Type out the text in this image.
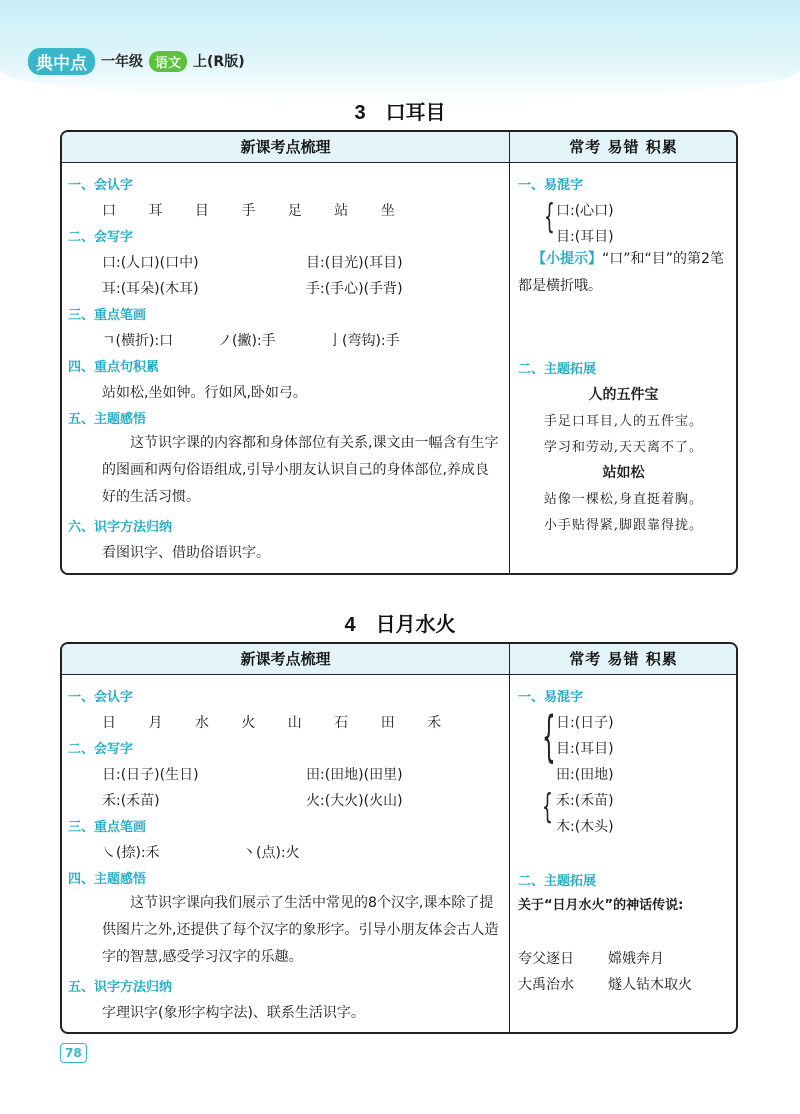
典中点	一年级 语文 上(R版)
3 口耳目
新课考点梳理	常考 易错 积累
一、会认字
口 耳 目 手 足 站 坐
二、会写字
口:(人口)(口中)	目:(目光)(耳目)
耳:(耳朵)(木耳)	手:(手心)(手背)
三、重点笔画
ㄱ(横折):口	ノ(撇):手	亅(弯钩):手
四、重点句积累
站如松,坐如钟。行如风,卧如弓。
五、主题感悟
这节识字课的内容都和身体部位有关系,课文由一幅含有生字的图画和两句俗语组成,引导小朋友认识自己的身体部位,养成良好的生活习惯。
六、识字方法归纳
看图识字、借助俗语识字。
一、易混字
{ 口:(心口)
目:(耳目)
【小提示】“口”和“目”的第2笔都是横折哦。
二、主题拓展
人的五件宝
手足口耳目,人的五件宝。
学习和劳动,天天离不了。
站如松
站像一棵松,身直挺着胸。
小手贴得紧,脚跟靠得拢。
4 日月水火
新课考点梳理	常考 易错 积累
一、会认字
日 月 水 火 山 石 田 禾
二、会写字
日:(日子)(生日)	田:(田地)(田里)
禾:(禾苗)	火:(大火)(火山)
三、重点笔画
㇏(捺):禾	丶(点):火
四、主题感悟
这节识字课向我们展示了生活中常见的8个汉字,课本除了提供图片之外,还提供了每个汉字的象形字。引导小朋友体会古人造字的智慧,感受学习汉字的乐趣。
五、识字方法归纳
字理识字(象形字构字法)、联系生活识字。
一、易混字
{ 日:(日子)
目:(耳目)
田:(田地)
{ 禾:(禾苗)
木:(木头)
二、主题拓展
关于“日月水火”的神话传说:
夸父逐日 嫦娥奔月
大禹治水 燧人钻木取火
78
